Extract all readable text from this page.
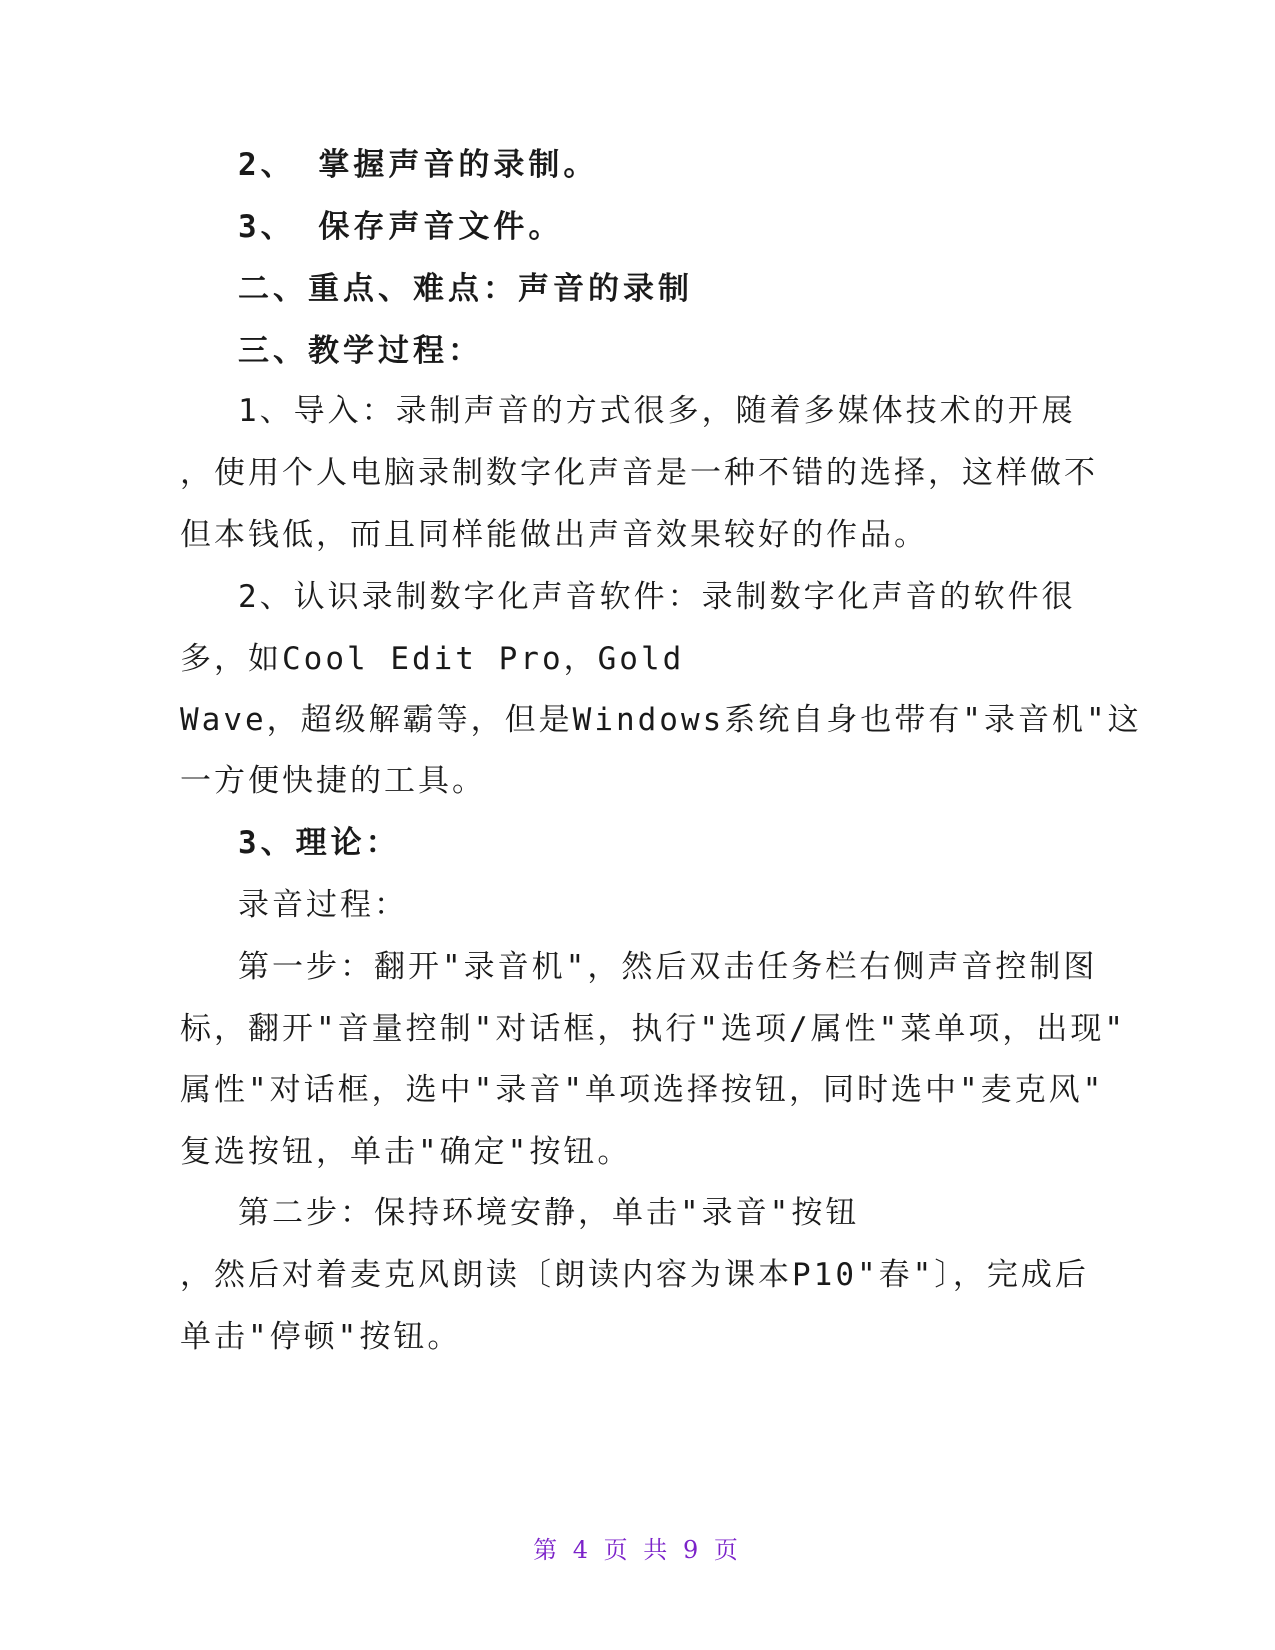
2、 掌握声音的录制。
3、 保存声音文件。
二、重点、难点：声音的录制
三、教学过程：
1、导入：录制声音的方式很多，随着多媒体技术的开展
，使用个人电脑录制数字化声音是一种不错的选择，这样做不
但本钱低，而且同样能做出声音效果较好的作品。
2、认识录制数字化声音软件：录制数字化声音的软件很
多，如Cool Edit Pro，Gold
Wave，超级解霸等，但是Windows系统自身也带有"录音机"这
一方便快捷的工具。
3、理论：
录音过程：
第一步：翻开"录音机"，然后双击任务栏右侧声音控制图
标，翻开"音量控制"对话框，执行"选项/属性"菜单项，出现"
属性"对话框，选中"录音"单项选择按钮，同时选中"麦克风"
复选按钮，单击"确定"按钮。
第二步：保持环境安静，单击"录音"按钮
，然后对着麦克风朗读〔朗读内容为课本P10"春"〕，完成后
单击"停顿"按钮。
第 4 页 共 9 页
